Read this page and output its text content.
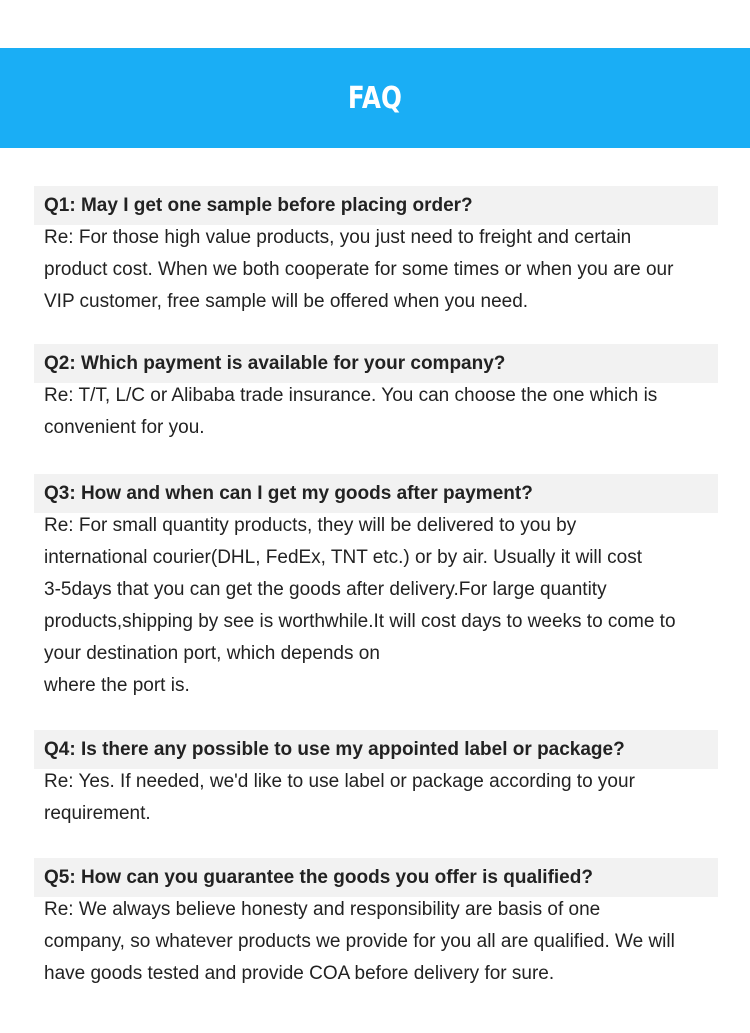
FAQ
Q1: May I get one sample before placing order?
Re: For those high value products, you just need to freight and certain
product cost. When we both cooperate for some times or when you are our
VIP customer, free sample will be offered when you need.
Q2: Which payment is available for your company?
Re: T/T, L/C or Alibaba trade insurance. You can choose the one which is
convenient for you.
Q3: How and when can I get my goods after payment?
Re: For small quantity products, they will be delivered to you by
international courier(DHL, FedEx, TNT etc.) or by air. Usually it will cost
3-5days that you can get the goods after delivery.For large quantity
products,shipping by see is worthwhile.It will cost days to weeks to come to
your destination port, which depends on
where the port is.
Q4: Is there any possible to use my appointed label or package?
Re: Yes. If needed, we'd like to use label or package according to your
requirement.
Q5: How can you guarantee the goods you offer is qualified?
Re: We always believe honesty and responsibility are basis of one
company, so whatever products we provide for you all are qualified. We will
have goods tested and provide COA before delivery for sure.
